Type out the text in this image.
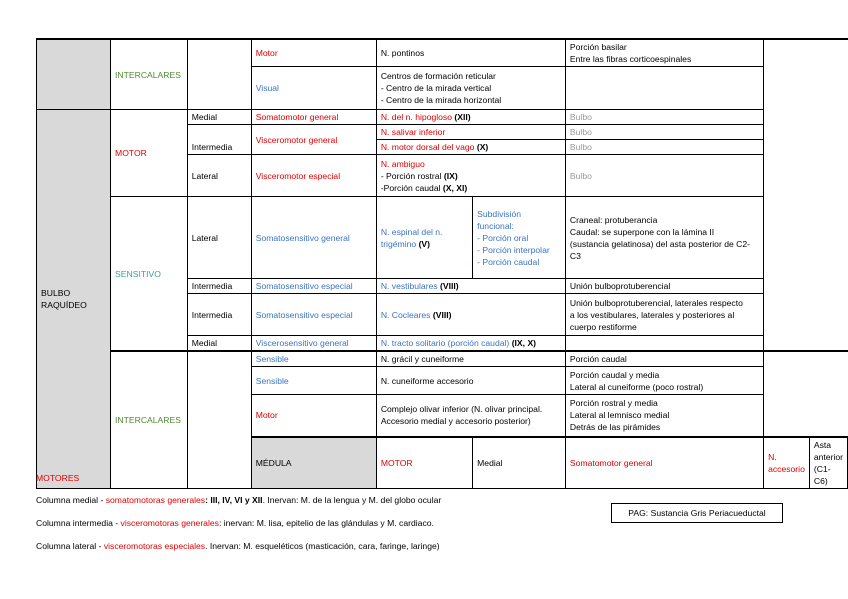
	INTERCALARES		Motor	N. pontinos		Porción basilar
Entre las fibras corticoespinales		
			Visual	Centros de formación reticular
- Centro de la mirada vertical
- Centro de la mirada horizontal				
BULBO
RAQUÍDEO	MOTOR	Medial	Somatomotor general	N. del n. hipogloso (XII)		Bulbo		
		Intermedia	Visceromotor general	N. salivar inferior		Bulbo		
				N. motor dorsal del vago (X)		Bulbo		
		Lateral	Visceromotor especial	N. ambiguo
- Porción rostral (IX)
-Porción caudal (X, XI)		Bulbo		
	SENSITIVO	Lateral	Somatosensitivo general	N. espinal del n.
trigémino (V)	Subdivisión
funcional:
- Porción oral
- Porción interpolar
- Porción caudal	Craneal: protuberancia
Caudal: se superpone con la lámina II
(sustancia gelatinosa) del asta posterior de C2-
C3		
		Intermedia	Somatosensitivo especial	N. vestibulares (VIII)		Unión bulboprotuberencial		
		Intermedia	Somatosensitivo especial	N. Cocleares (VIII)		Unión bulboprotuberencial, laterales respecto
a los vestibulares, laterales y posteriores al
cuerpo restiforme		
		Medial	Viscerosensitivo general	N. tracto solitario (porción caudal) (IX, X)				
	INTERCALARES		Sensible	N. grácil y cuneiforme		Porción caudal		
			Sensible	N. cuneiforme accesorio		Porción caudal y media
Lateral al cuneiforme (poco rostral)		
			Motor	Complejo olivar inferior (N. olivar principal.
Accesorio medial y accesorio posterior)		Porción rostral y media
Lateral al lemnisco medial
Detrás de las pirámides		
			MÉDULA	MOTOR	Medial	Somatomotor general	N. accesorio	Asta anterior (C1-C6)
MOTORES
Columna medial - somatomotoras generales: III, IV, VI y XII. Inervan: M. de la lengua y M. del globo ocular
Columna intermedia - visceromotoras generales: inervan: M. lisa, epitelio de las glándulas y M. cardiaco.
Columna lateral - visceromotoras especiales. Inervan: M. esqueléticos (masticación, cara, faringe, laringe)
PAG: Sustancia Gris Periacueductal
